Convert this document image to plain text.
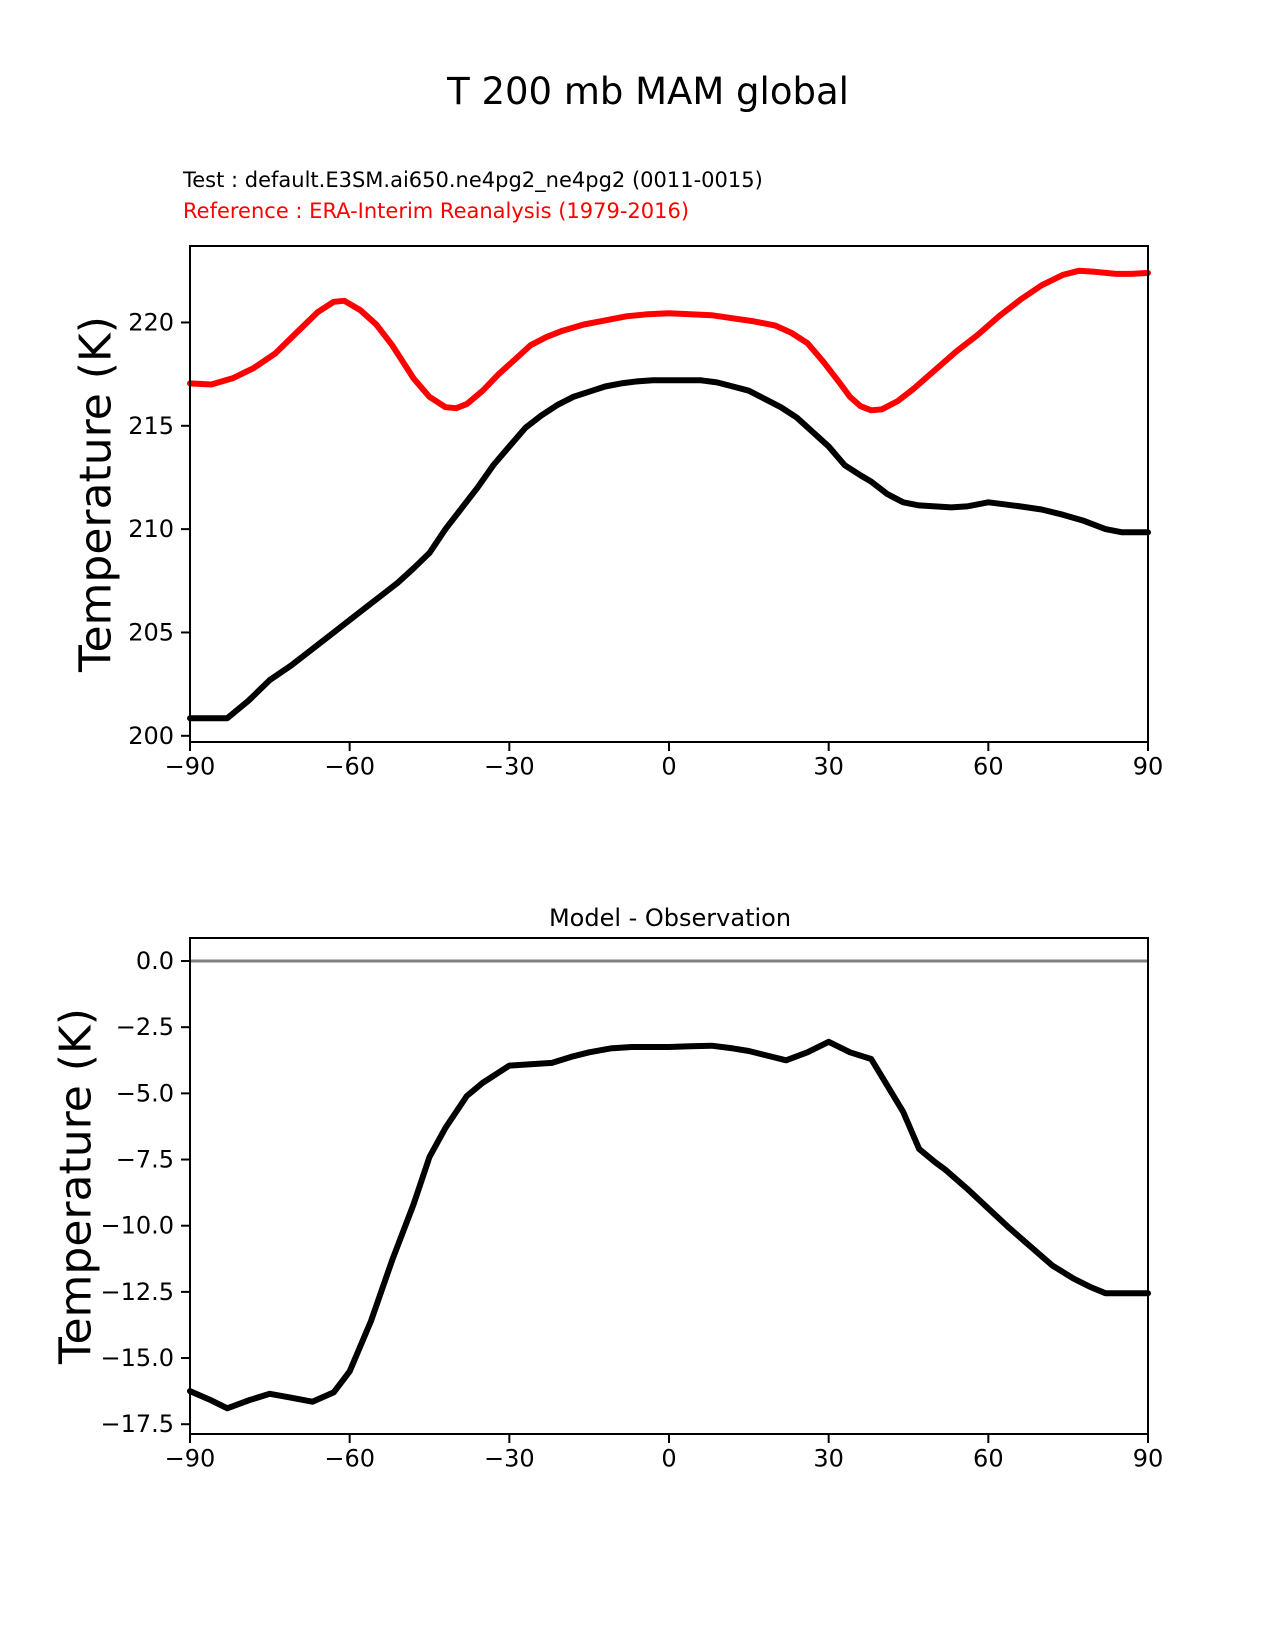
−90	−60	−30	0	30	60	90
200
205
210
215
220
−90	−60	−30	0	30	60	90
0.0
−2.5
−5.0
−7.5
−10.0
−12.5
−15.0
−17.5
T 200 mb MAM global
Test : default.E3SM.ai650.ne4pg2_ne4pg2 (0011-0015)
Reference : ERA-Interim Reanalysis (1979-2016)
Temperature (K)
Model - Observation
Temperature (K)
